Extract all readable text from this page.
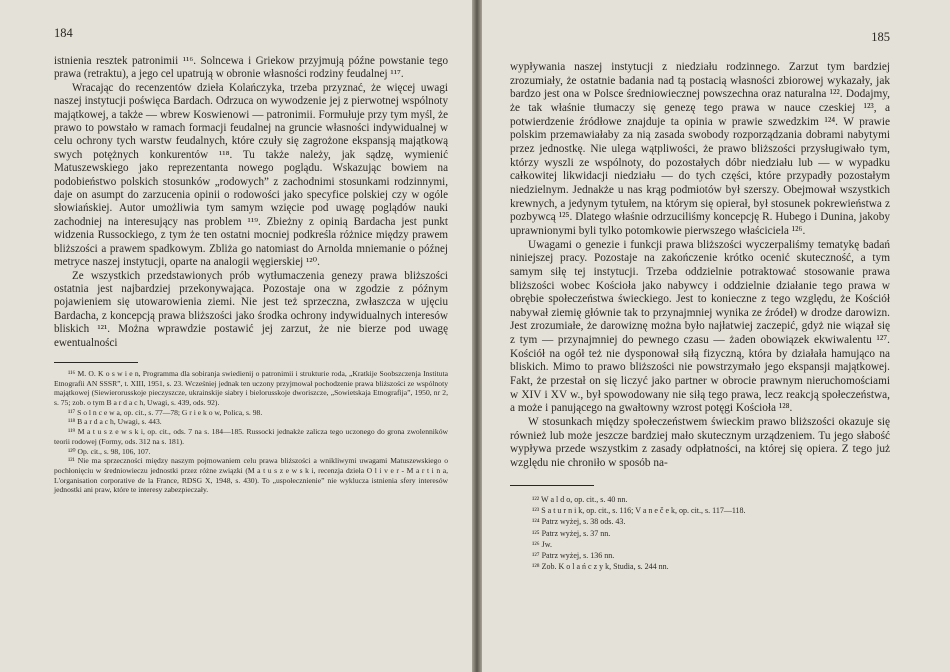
184

istnienia resztek patronimii ¹¹⁶. Solncewa i Griekow przyjmują późne powstanie tego prawa (retraktu), a jego cel upatrują w obronie własności rodziny feudalnej ¹¹⁷.

Wracając do recenzentów dzieła Kolańczyka, trzeba przyznać, że więcej uwagi naszej instytucji poświęca Bardach. Odrzuca on wywodzenie jej z pierwotnej wspólnoty majątkowej, a także — wbrew Koswienowi — patronimii. Formułuje przy tym myśl, że prawo to powstało w ramach formacji feudalnej na gruncie własności indywidualnej w celu ochrony tych warstw feudalnych, które czuły się zagrożone ekspansją majątkową swych potężnych konkurentów ¹¹⁸. Tu także należy, jak sądzę, wymienić Matuszewskiego jako reprezentanta nowego poglądu. Wskazując bowiem na podobieństwo polskich stosunków „rodowych” z zachodnimi stosunkami rodzinnymi, daje on asumpt do zarzucenia opinii o rodowości jako specyfice polskiej czy w ogóle słowiańskiej. Autor umożliwia tym samym wzięcie pod uwagę poglądów nauki zachodniej na interesujący nas problem ¹¹⁹. Zbieżny z opinią Bardacha jest punkt widzenia Russockiego, z tym że ten ostatni mocniej podkreśla różnice między prawem bliższości a prawem spadkowym. Zbliża go natomiast do Arnolda mniemanie o późnej metryce naszej instytucji, oparte na analogii węgierskiej ¹²⁰.

Ze wszystkich przedstawionych prób wytłumaczenia genezy prawa bliższości ostatnia jest najbardziej przekonywająca. Pozostaje ona w zgodzie z późnym pojawieniem się utowarowienia ziemi. Nie jest też sprzeczna, zwłaszcza w ujęciu Bardacha, z koncepcją prawa bliższości jako środka ochrony indywidualnych interesów bliskich ¹²¹. Można wprawdzie postawić jej zarzut, że nie bierze pod uwagę ewentualności

¹¹⁶ M. O. K o s w i e n, Programma dla sobiranja swiedienij o patronimii i strukturie roda, „Kratkije Soobszczenja Instituta Etnografii AN SSSR”, t. XIII, 1951, s. 23. Wcześniej jednak ten uczony przyjmował pochodzenie prawa bliższości ze wspólnoty majątkowej (Siewierorusskoje pieczyszcze, ukrainskije siabry i bielorusskoje dworiszcze, „Sowietskaja Etnografija”, 1950, nr 2, s. 75; zob. o tym B a r d a c h, Uwagi, s. 439, ods. 92).

¹¹⁷ S o l n c e w a, op. cit., s. 77—78; G r i e k o w, Polica, s. 98.

¹¹⁸ B a r d a c h, Uwagi, s. 443.

¹¹⁹ M a t u s z e w s k i, op. cit., ods. 7 na s. 184—185. Russocki jednakże zalicza tego uczonego do grona zwolenników teorii rodowej (Formy, ods. 312 na s. 181).

¹²⁰ Op. cit., s. 98, 106, 107.

¹²¹ Nie ma sprzeczności między naszym pojmowaniem celu prawa bliższości a wnikliwymi uwagami Matuszewskiego o pochłonięciu w średniowieczu jednostki przez różne związki (M a t u s z e w s k i, recenzja dzieła O l i v e r - M a r t i n a, L'organisation corporative de la France, RDSG X, 1948, s. 430). To „uspołecznienie” nie wyklucza istnienia sfery interesów jednostki ani praw, które te interesy zabezpieczały.

185

wypływania naszej instytucji z niedziału rodzinnego. Zarzut tym bardziej zrozumiały, że ostatnie badania nad tą postacią własności zbiorowej wykazały, jak bardzo jest ona w Polsce średniowiecznej powszechna oraz naturalna ¹²². Dodajmy, że tak właśnie tłumaczy się genezę tego prawa w nauce czeskiej ¹²³, a potwierdzenie źródłowe znajduje ta opinia w prawie szwedzkim ¹²⁴. W prawie polskim przemawiałaby za nią zasada swobody rozporządzania dobrami nabytymi przez jednostkę. Nie ulega wątpliwości, że prawo bliższości przysługiwało tym, którzy wyszli ze wspólnoty, do pozostałych dóbr niedziału lub — w wypadku całkowitej likwidacji niedziału — do tych części, które przypadły pozostałym niedzielnym. Jednakże u nas krąg podmiotów był szerszy. Obejmował wszystkich krewnych, a jedynym tytułem, na którym się opierał, był stosunek pokrewieństwa z pozbywcą ¹²⁵. Dlatego właśnie odrzuciliśmy koncepcję R. Hubego i Dunina, jakoby uprawnionymi byli tylko potomkowie pierwszego właściciela ¹²⁶.

Uwagami o genezie i funkcji prawa bliższości wyczerpaliśmy tematykę badań niniejszej pracy. Pozostaje na zakończenie krótko ocenić skuteczność, a tym samym siłę tej instytucji. Trzeba oddzielnie potraktować stosowanie prawa bliższości wobec Kościoła jako nabywcy i oddzielnie działanie tego prawa w obrębie społeczeństwa świeckiego. Jest to konieczne z tego względu, że Kościół nabywał ziemię głównie tak to przynajmniej wynika ze źródeł) w drodze darowizn. Jest zrozumiałe, że darowiznę można było najłatwiej zaczepić, gdyż nie wiązał się z tym — przynajmniej do pewnego czasu — żaden obowiązek ekwiwalentu ¹²⁷. Kościół na ogół też nie dysponował siłą fizyczną, która by działała hamująco na bliskich. Mimo to prawo bliższości nie powstrzymało jego ekspansji majątkowej. Fakt, że przestał on się liczyć jako partner w obrocie prawnym nieruchomościami w XIV i XV w., był spowodowany nie siłą tego prawa, lecz reakcją społeczeństwa, a może i panującego na gwałtowny wzrost potęgi Kościoła ¹²⁸.

W stosunkach między społeczeństwem świeckim prawo bliższości okazuje się również lub może jeszcze bardziej mało skutecznym urządzeniem. Tu jego słabość wypływa przede wszystkim z zasady odpłatności, na której się opiera. Z tego już względu nie chroniło w sposób na-

¹²² W a l d o, op. cit., s. 40 nn.

¹²³ S a t u r n i k, op. cit., s. 116; V a n e č e k, op. cit., s. 117—118.

¹²⁴ Patrz wyżej, s. 38 ods. 43.

¹²⁵ Patrz wyżej, s. 37 nn.

¹²⁶ Jw.

¹²⁷ Patrz wyżej, s. 136 nn.

¹²⁸ Zob. K o l a ń c z y k, Studia, s. 244 nn.
